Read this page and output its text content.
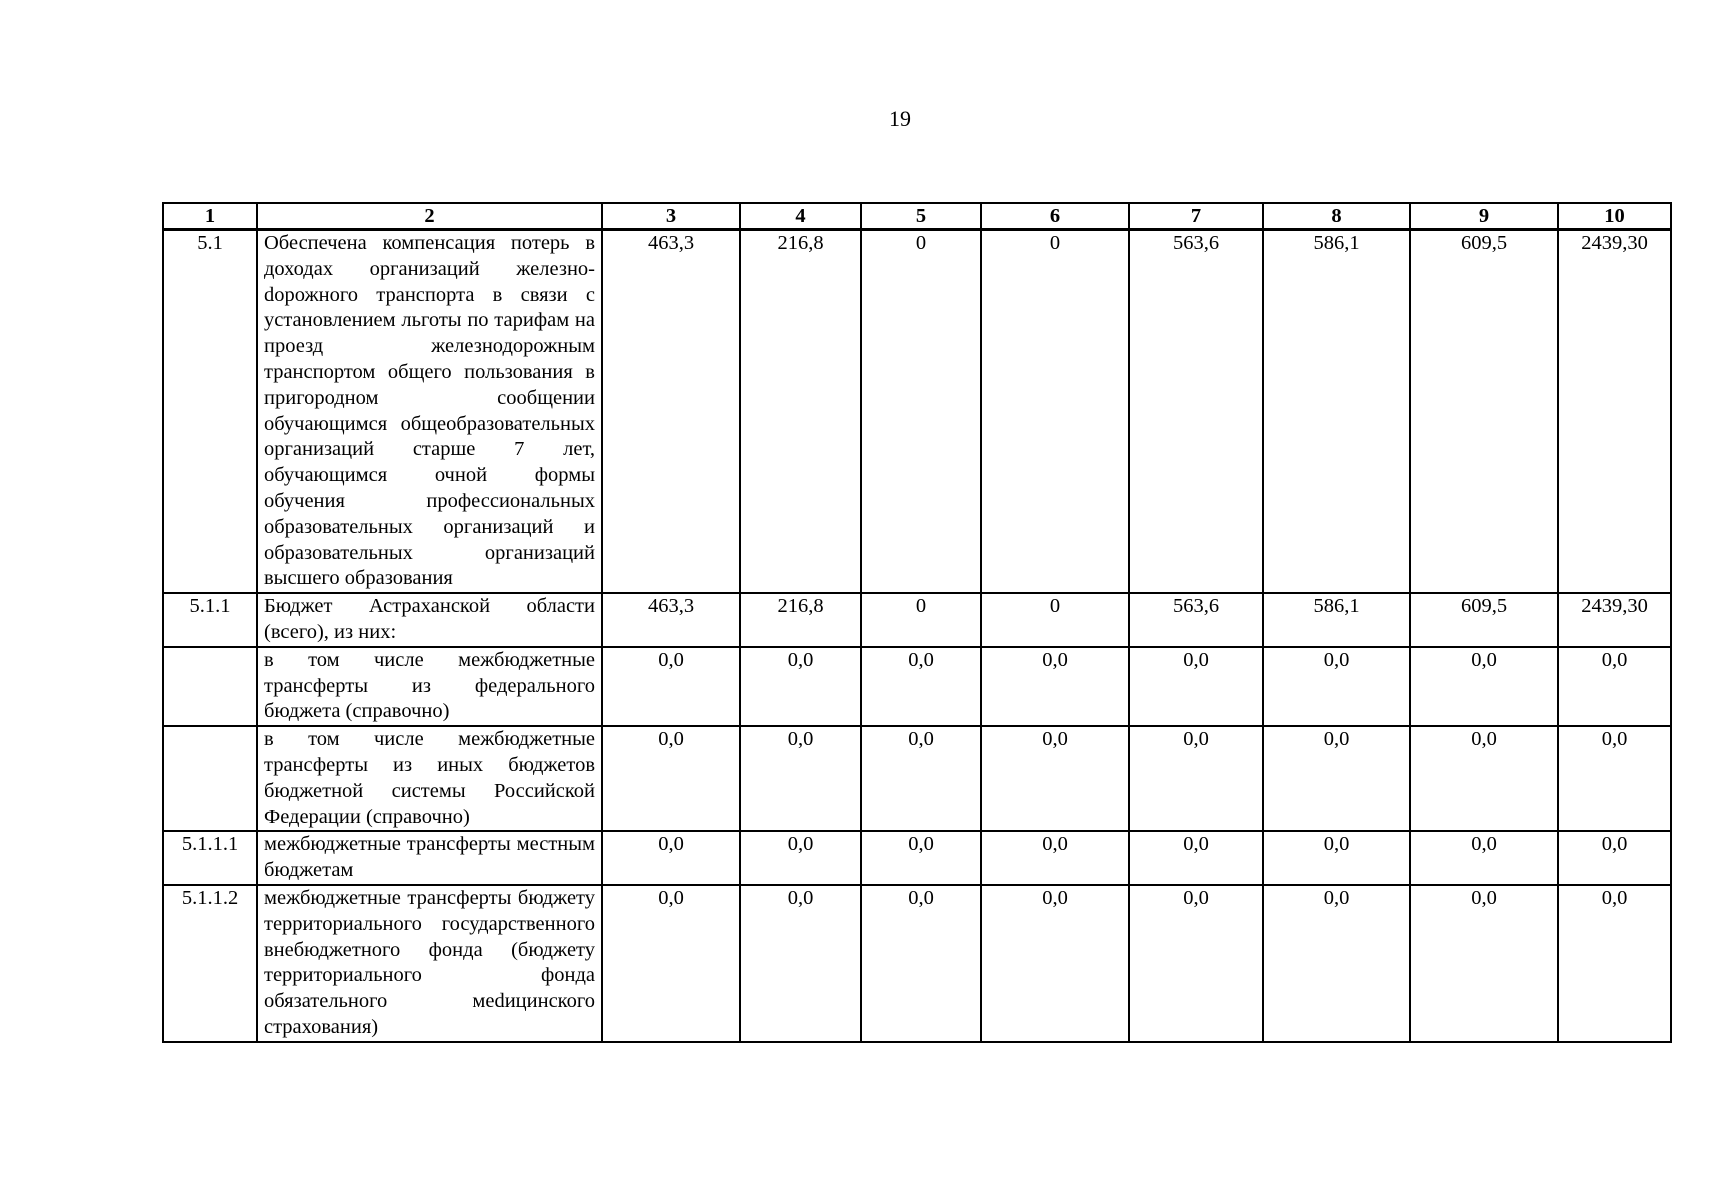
19
1	2	3	4	5	6	7	8	9	10
5.1	Обеспечена компенсация потерь в доходах организаций железноdорожного транспорта в связи с установлением льготы по тарифам на проезд железнодорожным транспортом общего пользования в пригородном сообщении обучающимся общеобразовательных организаций старше 7 лет, обучающимся очной формы обучения профессиональных образовательных организаций и образовательных организаций высшего образования	463,3	216,8	0	0	563,6	586,1	609,5	2439,30
5.1.1	Бюджет Астраханской области (всего), из них:	463,3	216,8	0	0	563,6	586,1	609,5	2439,30
	в том числе межбюджетные трансферты из федерального бюджета (справочно)	0,0	0,0	0,0	0,0	0,0	0,0	0,0	0,0
	в том числе межбюджетные трансферты из иных бюджетов бюджетной системы Российской Федерации (справочно)	0,0	0,0	0,0	0,0	0,0	0,0	0,0	0,0
5.1.1.1	межбюджетные трансферты местным бюджетам	0,0	0,0	0,0	0,0	0,0	0,0	0,0	0,0
5.1.1.2	межбюджетные трансферты бюджету территориального государственного внебюджетного фонда (бюджету территориального фонда обязательного меdицинского страхования)	0,0	0,0	0,0	0,0	0,0	0,0	0,0	0,0
